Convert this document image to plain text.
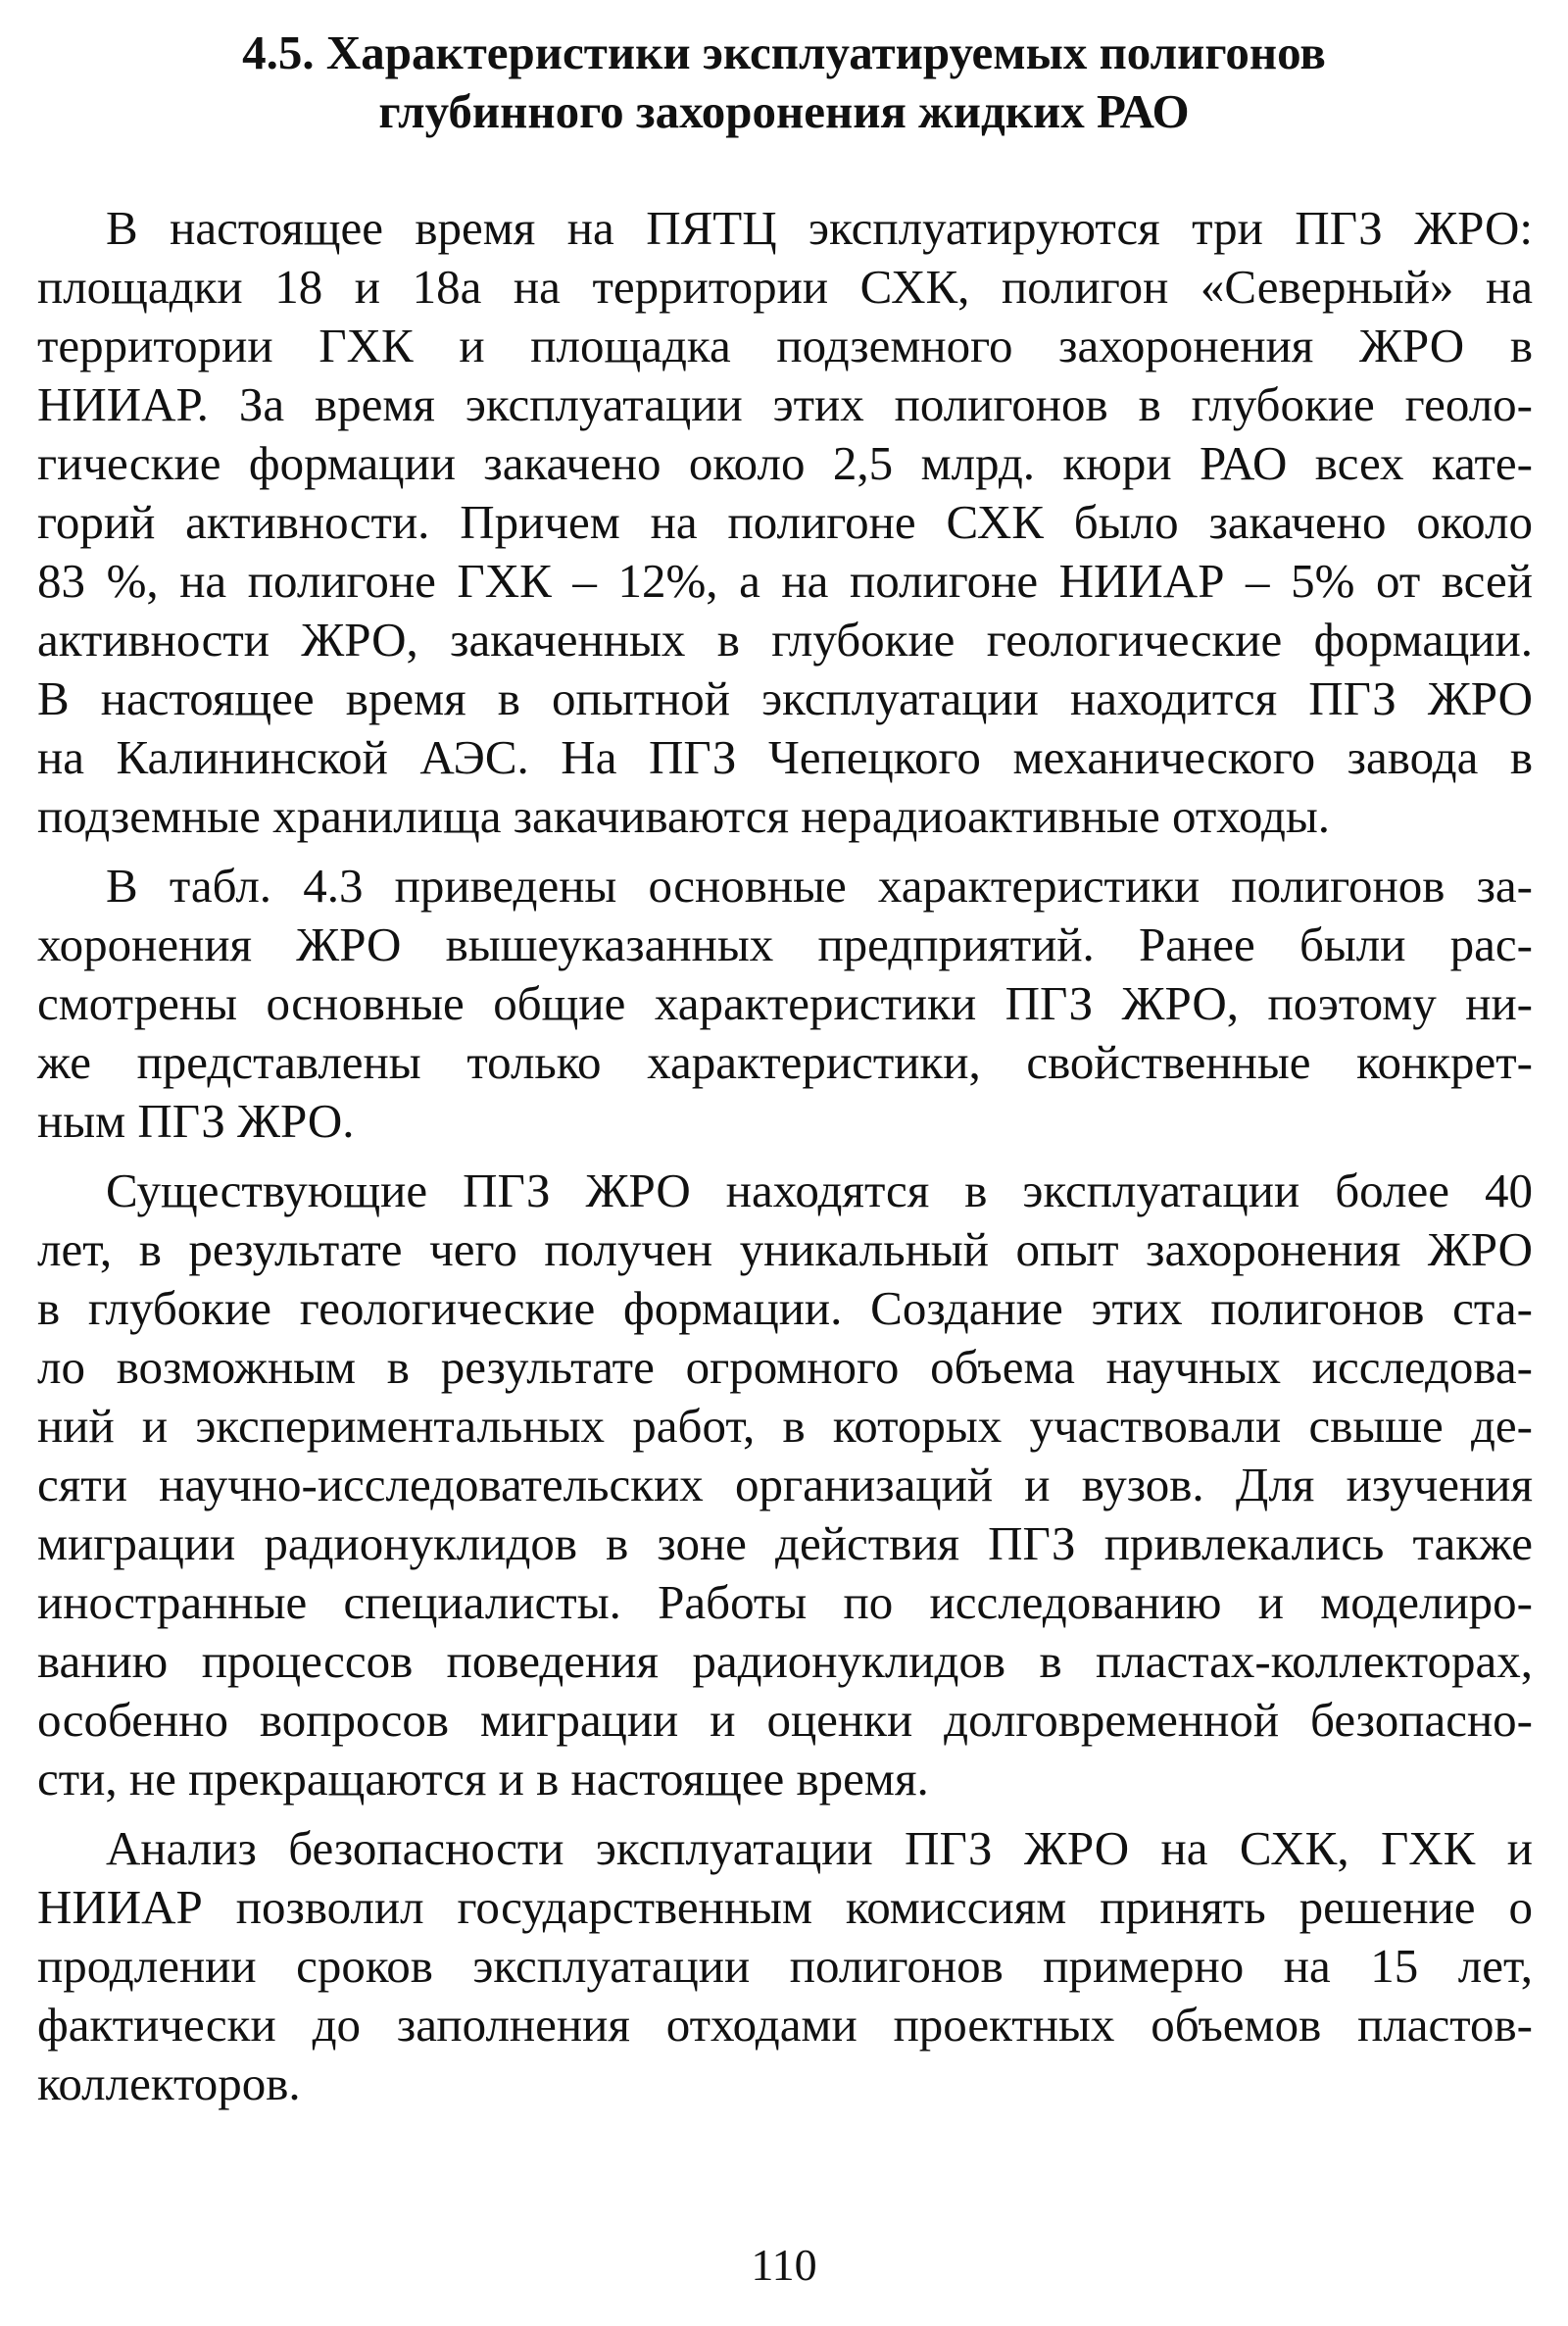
4.5. Характеристики эксплуатируемых полигонов
глубинного захоронения жидких РАО
В настоящее время на ПЯТЦ эксплуатируются три ПГЗ ЖРО:
площадки 18 и 18а на территории СХК, полигон «Северный» на
территории ГХК и площадка подземного захоронения ЖРО в
НИИАР. За время эксплуатации этих полигонов в глубокие геоло-
гические формации закачено около 2,5 млрд. кюри РАО всех кате-
горий активности. Причем на полигоне СХК было закачено около
83 %, на полигоне ГХК – 12%, а на полигоне НИИАР – 5% от всей
активности ЖРО, закаченных в глубокие геологические формации.
В настоящее время в опытной эксплуатации находится ПГЗ ЖРО
на Калининской АЭС. На ПГЗ Чепецкого механического завода в
подземные хранилища закачиваются нерадиоактивные отходы.
В табл. 4.3 приведены основные характеристики полигонов за-
хоронения ЖРО вышеуказанных предприятий. Ранее были рас-
смотрены основные общие характеристики ПГЗ ЖРО, поэтому ни-
же представлены только характеристики, свойственные конкрет-
ным ПГЗ ЖРО.
Существующие ПГЗ ЖРО находятся в эксплуатации более 40
лет, в результате чего получен уникальный опыт захоронения ЖРО
в глубокие геологические формации. Создание этих полигонов ста-
ло возможным в результате огромного объема научных исследова-
ний и экспериментальных работ, в которых участвовали свыше де-
сяти научно-исследовательских организаций и вузов. Для изучения
миграции радионуклидов в зоне действия ПГЗ привлекались также
иностранные специалисты. Работы по исследованию и моделиро-
ванию процессов поведения радионуклидов в пластах-коллекторах,
особенно вопросов миграции и оценки долговременной безопасно-
сти, не прекращаются и в настоящее время.
Анализ безопасности эксплуатации ПГЗ ЖРО на СХК, ГХК и
НИИАР позволил государственным комиссиям принять решение о
продлении сроков эксплуатации полигонов примерно на 15 лет,
фактически до заполнения отходами проектных объемов пластов-
коллекторов.
110
